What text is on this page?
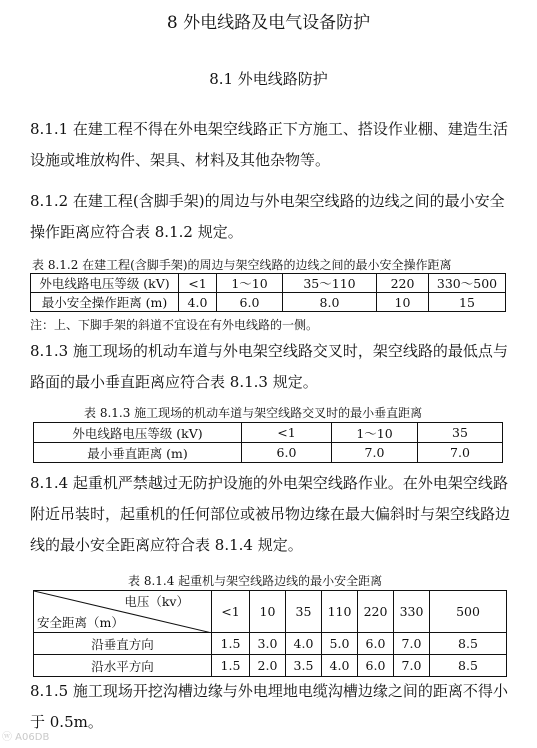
8 外电线路及电气设备防护
8.1 外电线路防护

8.1.1 在建工程不得在外电架空线路正下方施工、搭设作业棚、建造生活设施或堆放构件、架具、材料及其他杂物等。

8.1.2 在建工程(含脚手架)的周边与外电架空线路的边线之间的最小安全操作距离应符合表 8.1.2 规定。

表 8.1.2 在建工程(含脚手架)的周边与架空线路的边线之间的最小安全操作距离
外电线路电压等级 (kV)	<1	1～10	35～110	220	330～500
最小安全操作距离 (m)	4.0	6.0	8.0	10	15
注：上、下脚手架的斜道不宜设在有外电线路的一侧。

8.1.3 施工现场的机动车道与外电架空线路交叉时，架空线路的最低点与路面的最小垂直距离应符合表 8.1.3 规定。

表 8.1.3 施工现场的机动车道与架空线路交叉时的最小垂直距离
外电线路电压等级 (kV)	<1	1～10	35
最小垂直距离 (m)	6.0	7.0	7.0

8.1.4 起重机严禁越过无防护设施的外电架空线路作业。在外电架空线路附近吊装时，起重机的任何部位或被吊物边缘在最大偏斜时与架空线路边线的最小安全距离应符合表 8.1.4 规定。

表 8.1.4 起重机与架空线路边线的最小安全距离
电压（kv）
安全距离（m）	<1	10	35	110	220	330	500
沿垂直方向	1.5	3.0	4.0	5.0	6.0	7.0	8.5
沿水平方向	1.5	2.0	3.5	4.0	6.0	7.0	8.5

8.1.5 施工现场开挖沟槽边缘与外电埋地电缆沟槽边缘之间的距离不得小于 0.5m。

ⓦ A06DB
